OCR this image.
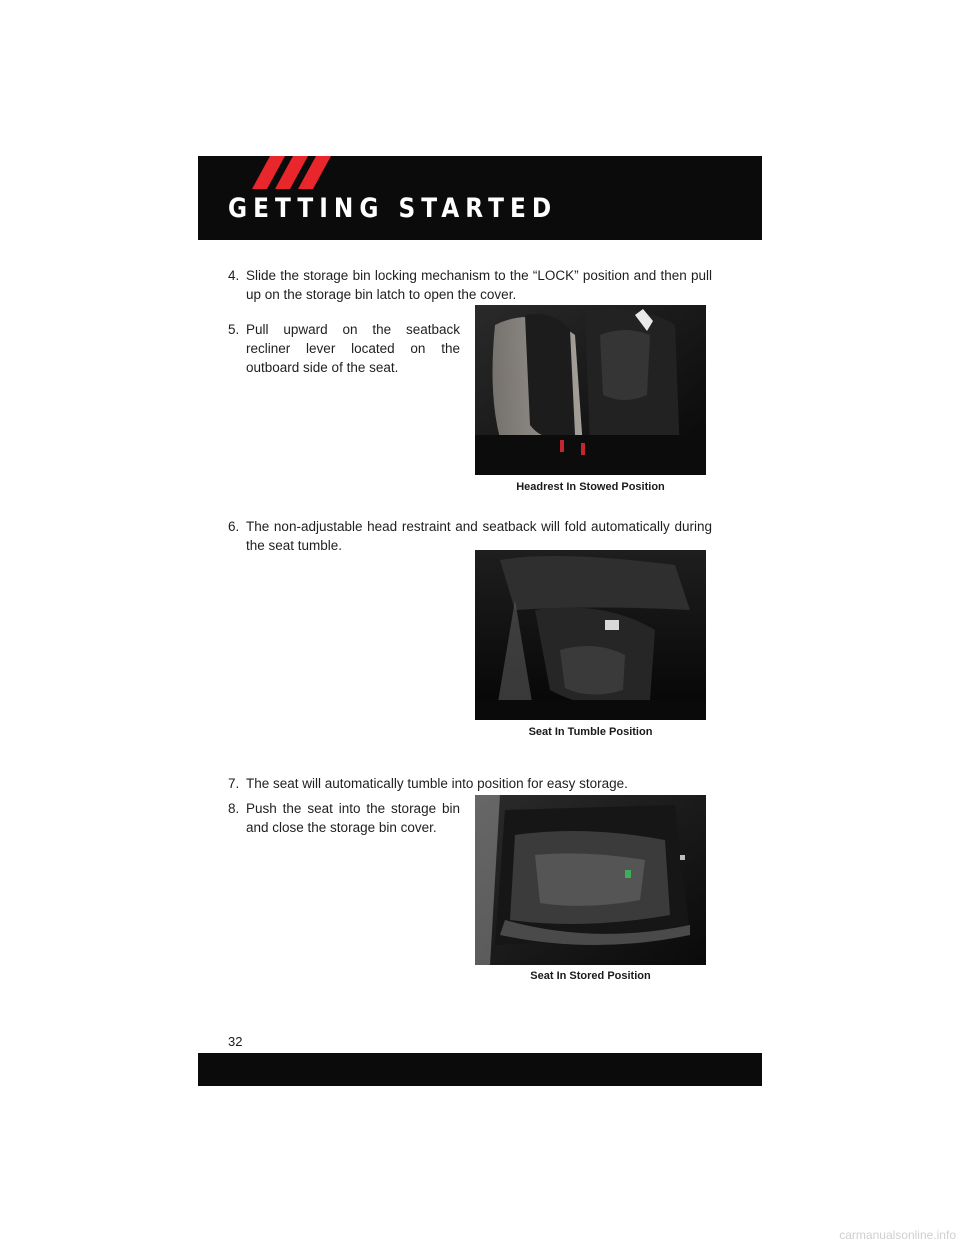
GETTING STARTED
4. Slide the storage bin locking mechanism to the “LOCK” position and then pull up on the storage bin latch to open the cover.
5. Pull upward on the seatback recliner lever located on the outboard side of the seat.
Headrest In Stowed Position
6. The non-adjustable head restraint and seatback will fold automatically during the seat tumble.
Seat In Tumble Position
7. The seat will automatically tumble into position for easy storage.
8. Push the seat into the storage bin and close the storage bin cover.
Seat In Stored Position
32
carmanualsonline.info
